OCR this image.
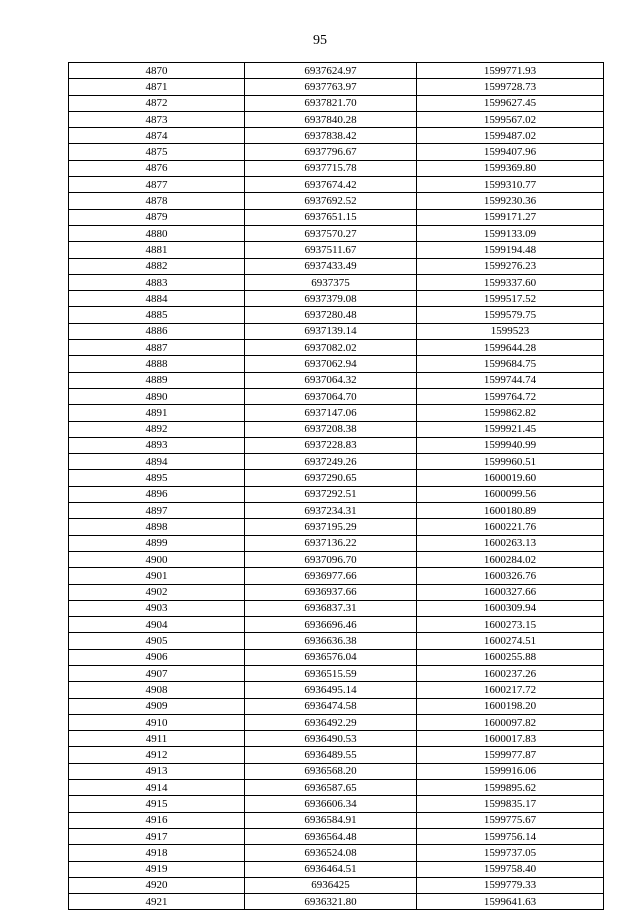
95
4870	6937624.97	1599771.93
4871	6937763.97	1599728.73
4872	6937821.70	1599627.45
4873	6937840.28	1599567.02
4874	6937838.42	1599487.02
4875	6937796.67	1599407.96
4876	6937715.78	1599369.80
4877	6937674.42	1599310.77
4878	6937692.52	1599230.36
4879	6937651.15	1599171.27
4880	6937570.27	1599133.09
4881	6937511.67	1599194.48
4882	6937433.49	1599276.23
4883	6937375	1599337.60
4884	6937379.08	1599517.52
4885	6937280.48	1599579.75
4886	6937139.14	1599523
4887	6937082.02	1599644.28
4888	6937062.94	1599684.75
4889	6937064.32	1599744.74
4890	6937064.70	1599764.72
4891	6937147.06	1599862.82
4892	6937208.38	1599921.45
4893	6937228.83	1599940.99
4894	6937249.26	1599960.51
4895	6937290.65	1600019.60
4896	6937292.51	1600099.56
4897	6937234.31	1600180.89
4898	6937195.29	1600221.76
4899	6937136.22	1600263.13
4900	6937096.70	1600284.02
4901	6936977.66	1600326.76
4902	6936937.66	1600327.66
4903	6936837.31	1600309.94
4904	6936696.46	1600273.15
4905	6936636.38	1600274.51
4906	6936576.04	1600255.88
4907	6936515.59	1600237.26
4908	6936495.14	1600217.72
4909	6936474.58	1600198.20
4910	6936492.29	1600097.82
4911	6936490.53	1600017.83
4912	6936489.55	1599977.87
4913	6936568.20	1599916.06
4914	6936587.65	1599895.62
4915	6936606.34	1599835.17
4916	6936584.91	1599775.67
4917	6936564.48	1599756.14
4918	6936524.08	1599737.05
4919	6936464.51	1599758.40
4920	6936425	1599779.33
4921	6936321.80	1599641.63
